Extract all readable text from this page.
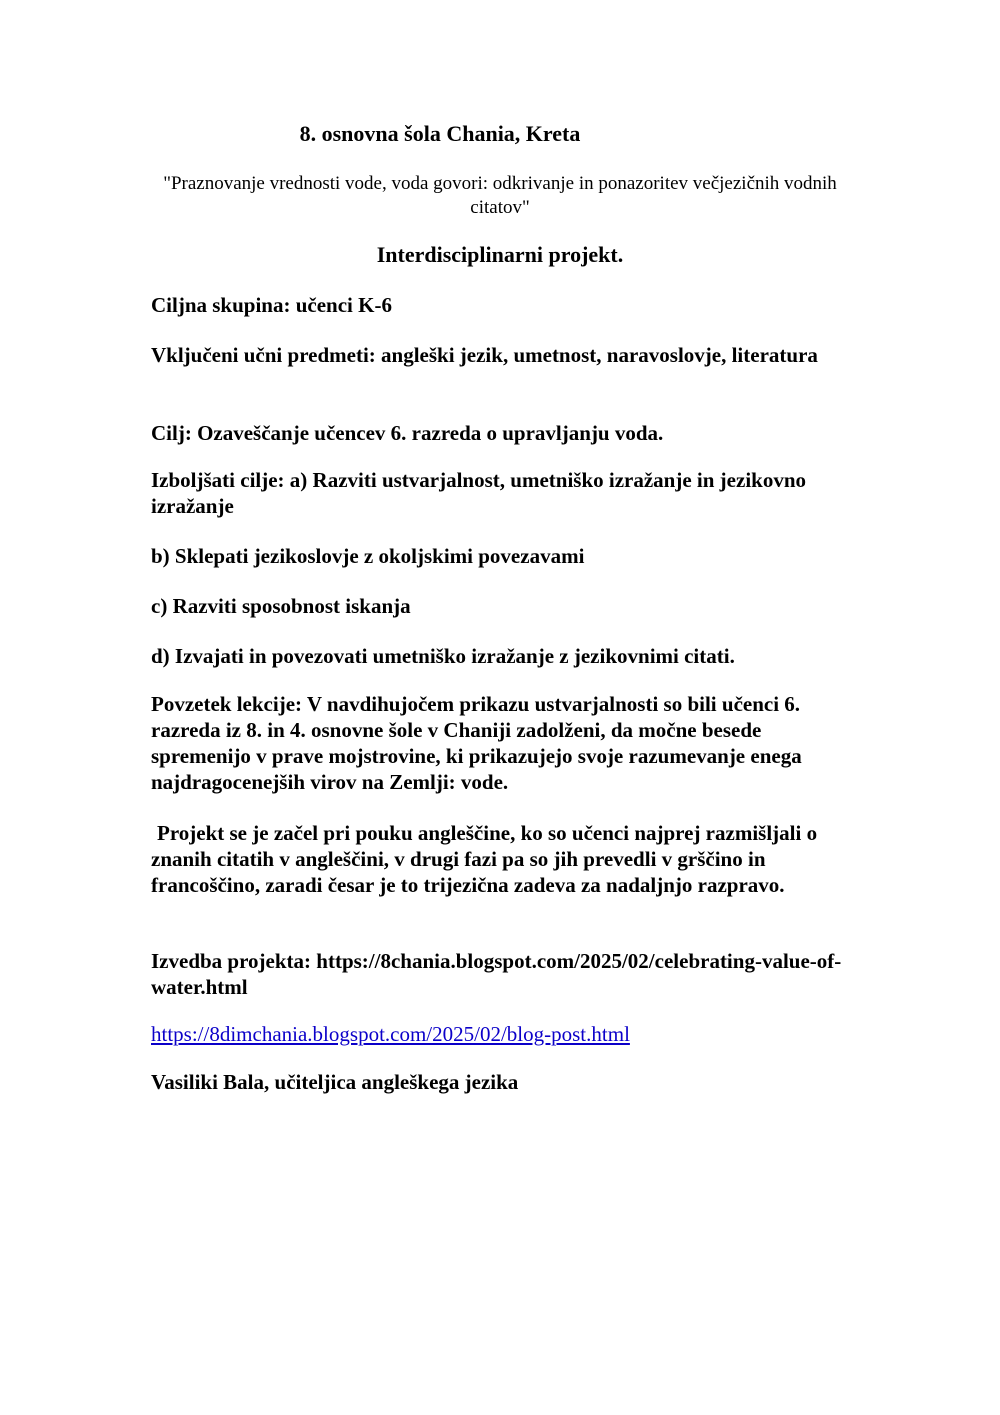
8. osnovna šola Chania, Kreta
"Praznovanje vrednosti vode, voda govori: odkrivanje in ponazoritev večjezičnih vodnih citatov"
Interdisciplinarni projekt.
Ciljna skupina: učenci K-6
Vključeni učni predmeti: angleški jezik, umetnost, naravoslovje, literatura
Cilj: Ozaveščanje učencev 6. razreda o upravljanju voda.
Izboljšati cilje: a) Razviti ustvarjalnost, umetniško izražanje in jezikovno izražanje
b) Sklepati jezikoslovje z okoljskimi povezavami
c) Razviti sposobnost iskanja
d) Izvajati in povezovati umetniško izražanje z jezikovnimi citati.
Povzetek lekcije: V navdihujočem prikazu ustvarjalnosti so bili učenci 6. razreda iz 8. in 4. osnovne šole v Chaniji zadolženi, da močne besede spremenijo v prave mojstrovine, ki prikazujejo svoje razumevanje enega najdragocenejših virov na Zemlji: vode.
Projekt se je začel pri pouku angleščine, ko so učenci najprej razmišljali o znanih citatih v angleščini, v drugi fazi pa so jih prevedli v grščino in francoščino, zaradi česar je to trijezična zadeva za nadaljnjo razpravo.
Izvedba projekta: https://8chania.blogspot.com/2025/02/celebrating-value-of-water.html
https://8dimchania.blogspot.com/2025/02/blog-post.html
Vasiliki Bala, učiteljica angleškega jezika
